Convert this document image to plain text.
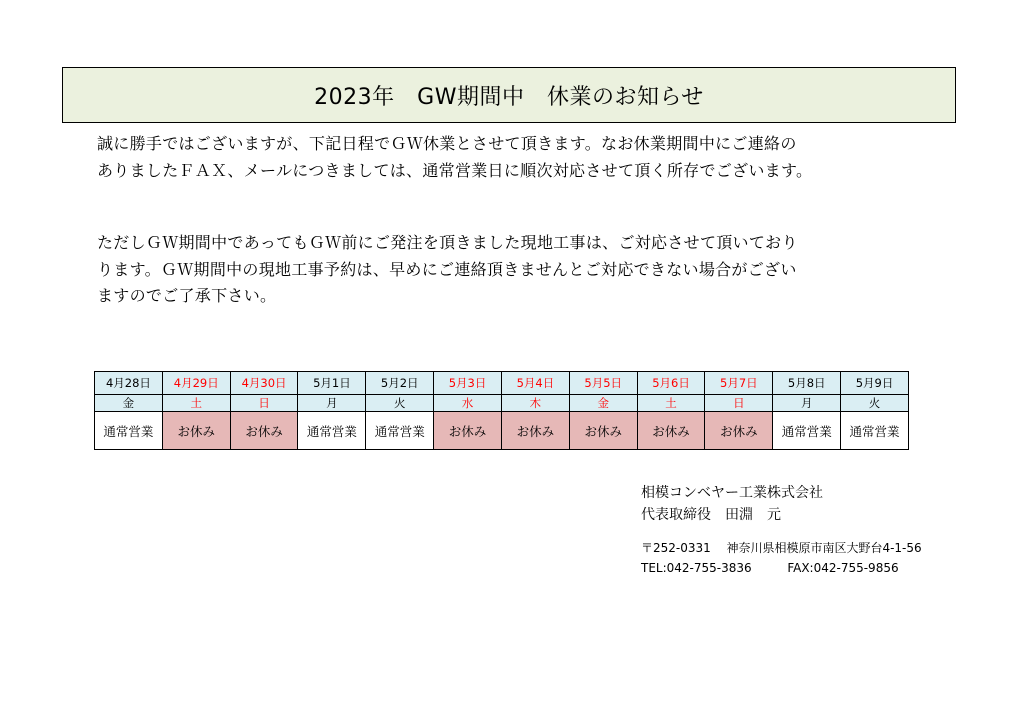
2023年　GW期間中　休業のお知らせ

誠に勝手ではございますが、下記日程でＧＷ休業とさせて頂きます。なお休業期間中にご連絡の
ありましたＦＡＸ、メールにつきましては、通常営業日に順次対応させて頂く所存でございます。

ただしＧＷ期間中であってもＧＷ前にご発注を頂きました現地工事は、ご対応させて頂いており
ります。ＧＷ期間中の現地工事予約は、早めにご連絡頂きませんとご対応できない場合がござい
ますのでご了承下さい。

4月28日	4月29日	4月30日	5月1日	5月2日	5月3日	5月4日	5月5日	5月6日	5月7日	5月8日	5月9日
金	土	日	月	火	水	木	金	土	日	月	火
通常営業	お休み	お休み	通常営業	通常営業	お休み	お休み	お休み	お休み	お休み	通常営業	通常営業
相模コンベヤー工業株式会社
代表取締役　田淵　元
〒252-0331 神奈川県相模原市南区大野台4-1-56
TEL:042-755-3836	FAX:042-755-9856
